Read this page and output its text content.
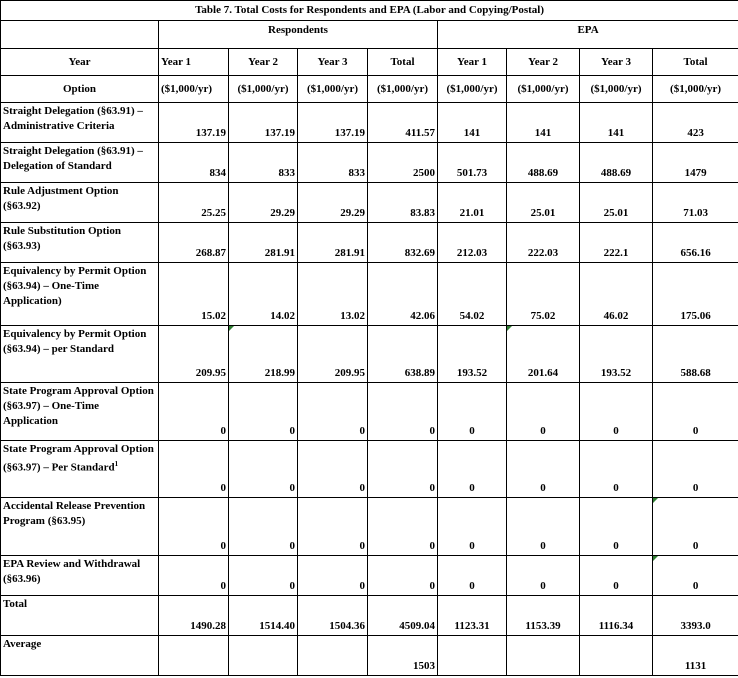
Table 7. Total Costs for Respondents and EPA (Labor and Copying/Postal)								
	Respondents				EPA			
Year	Year 1	Year 2	Year 3	Total	Year 1	Year 2	Year 3	Total
Option	($1,000/yr)	($1,000/yr)	($1,000/yr)	($1,000/yr)	($1,000/yr)	($1,000/yr)	($1,000/yr)	($1,000/yr)
Straight Delegation (§63.91) – Administrative Criteria	137.19	137.19	137.19	411.57	141	141	141	423
Straight Delegation (§63.91) – Delegation of Standard	834	833	833	2500	501.73	488.69	488.69	1479
Rule Adjustment Option (§63.92)	25.25	29.29	29.29	83.83	21.01	25.01	25.01	71.03
Rule Substitution Option (§63.93)	268.87	281.91	281.91	832.69	212.03	222.03	222.1	656.16
Equivalency by Permit Option (§63.94) – One-Time Application)	15.02	14.02	13.02	42.06	54.02	75.02	46.02	175.06
Equivalency by Permit Option (§63.94) – per Standard	209.95	218.99	209.95	638.89	193.52	201.64	193.52	588.68
State Program Approval Option (§63.97) – One-Time Application	0	0	0	0	0	0	0	0
State Program Approval Option (§63.97) – Per Standard$^1$	0	0	0	0	0	0	0	0
Accidental Release Prevention Program (§63.95)	0	0	0	0	0	0	0	0
EPA Review and Withdrawal (§63.96)	0	0	0	0	0	0	0	0
Total	1490.28	1514.40	1504.36	4509.04	1123.31	1153.39	1116.34	3393.0
Average				1503				1131
